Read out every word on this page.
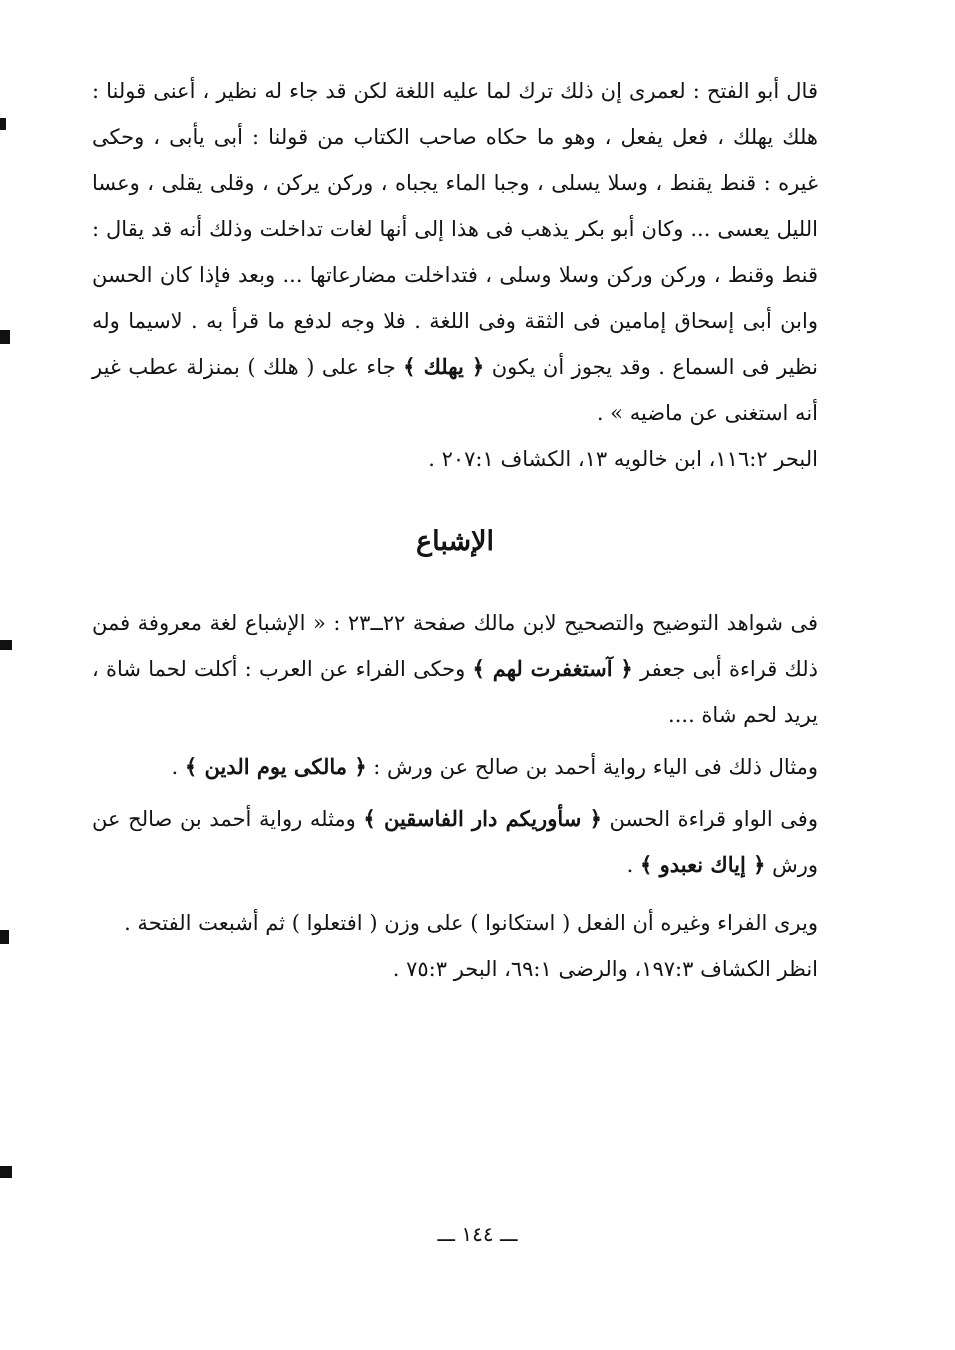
قال أبو الفتح : لعمرى إن ذلك ترك لما عليه اللغة لكن قد جاء له نظير ، أعنى قولنا : هلك يهلك ، فعل يفعل ، وهو ما حكاه صاحب الكتاب من قولنا : أبى يأبى ، وحكى غيره : قنط يقنط ، وسلا يسلى ، وجبا الماء يجباه ، وركن يركن ، وقلى يقلى ، وعسا الليل يعسى ... وكان أبو بكر يذهب فى هذا إلى أنها لغات تداخلت وذلك أنه قد يقال : قنط وقنط ، وركن وركن وسلا وسلى ، فتداخلت مضارعاتها ... وبعد فإذا كان الحسن وابن أبى إسحاق إمامين فى الثقة وفى اللغة . فلا وجه لدفع ما قرأ به . لاسيما وله نظير فى السماع . وقد يجوز أن يكون ﴿ يهلك ﴾ جاء على ( هلك ) بمنزلة عطب غير أنه استغنى عن ماضيه » .

البحر ١١٦:٢، ابن خالويه ١٣، الكشاف ٢٠٧:١ .

الإشباع

فى شواهد التوضيح والتصحيح لابن مالك صفحة ٢٢ــ٢٣ : « الإشباع لغة معروفة فمن ذلك قراءة أبى جعفر ﴿ آستغفرت لهم ﴾ وحكى الفراء عن العرب : أكلت لحما شاة ، يريد لحم شاة ....

ومثال ذلك فى الياء رواية أحمد بن صالح عن ورش : ﴿ مالكى يوم الدين ﴾ .

وفى الواو قراءة الحسن ﴿ سأوريكم دار الفاسقين ﴾ ومثله رواية أحمد بن صالح عن ورش ﴿ إياك نعبدو ﴾ .

ويرى الفراء وغيره أن الفعل ( استكانوا ) على وزن ( افتعلوا ) ثم أشبعت الفتحة .

انظر الكشاف ١٩٧:٣، والرضى ٦٩:١، البحر ٧٥:٣ .

ـــ ١٤٤ ـــ
